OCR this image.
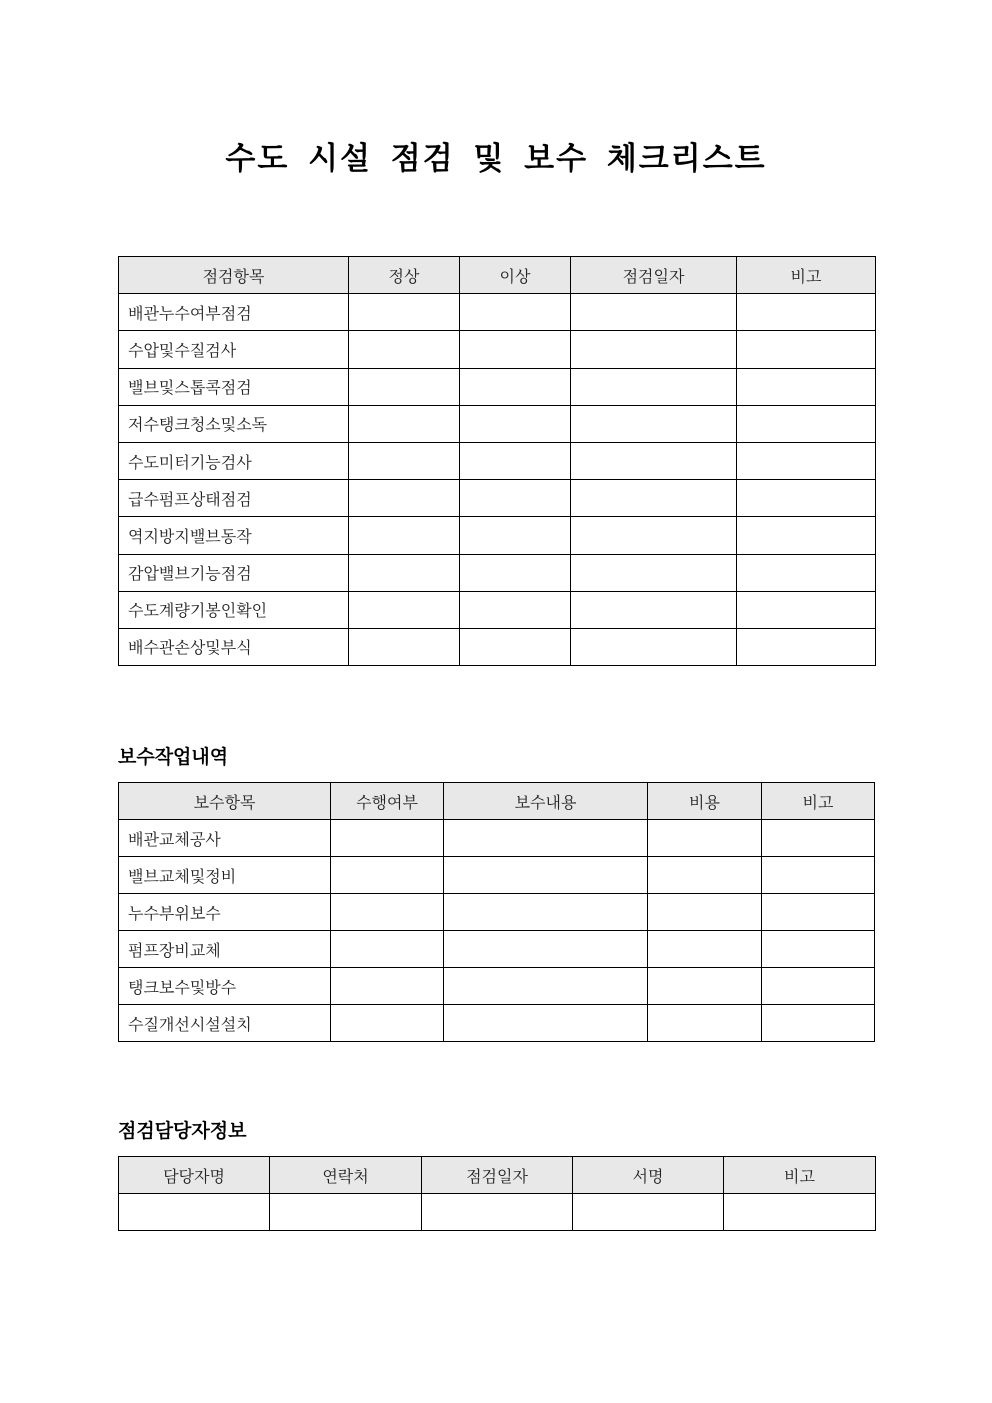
수도 시설 점검 및 보수 체크리스트
점검항목	정상	이상	점검일자	비고
배관누수여부점검				
수압및수질검사				
밸브및스톱콕점검				
저수탱크청소및소독				
수도미터기능검사				
급수펌프상태점검				
역지방지밸브동작				
감압밸브기능점검				
수도계량기봉인확인				
배수관손상및부식				
보수작업내역
보수항목	수행여부	보수내용	비용	비고
배관교체공사				
밸브교체및정비				
누수부위보수				
펌프장비교체				
탱크보수및방수				
수질개선시설설치				
점검담당자정보
담당자명	연락처	점검일자	서명	비고
